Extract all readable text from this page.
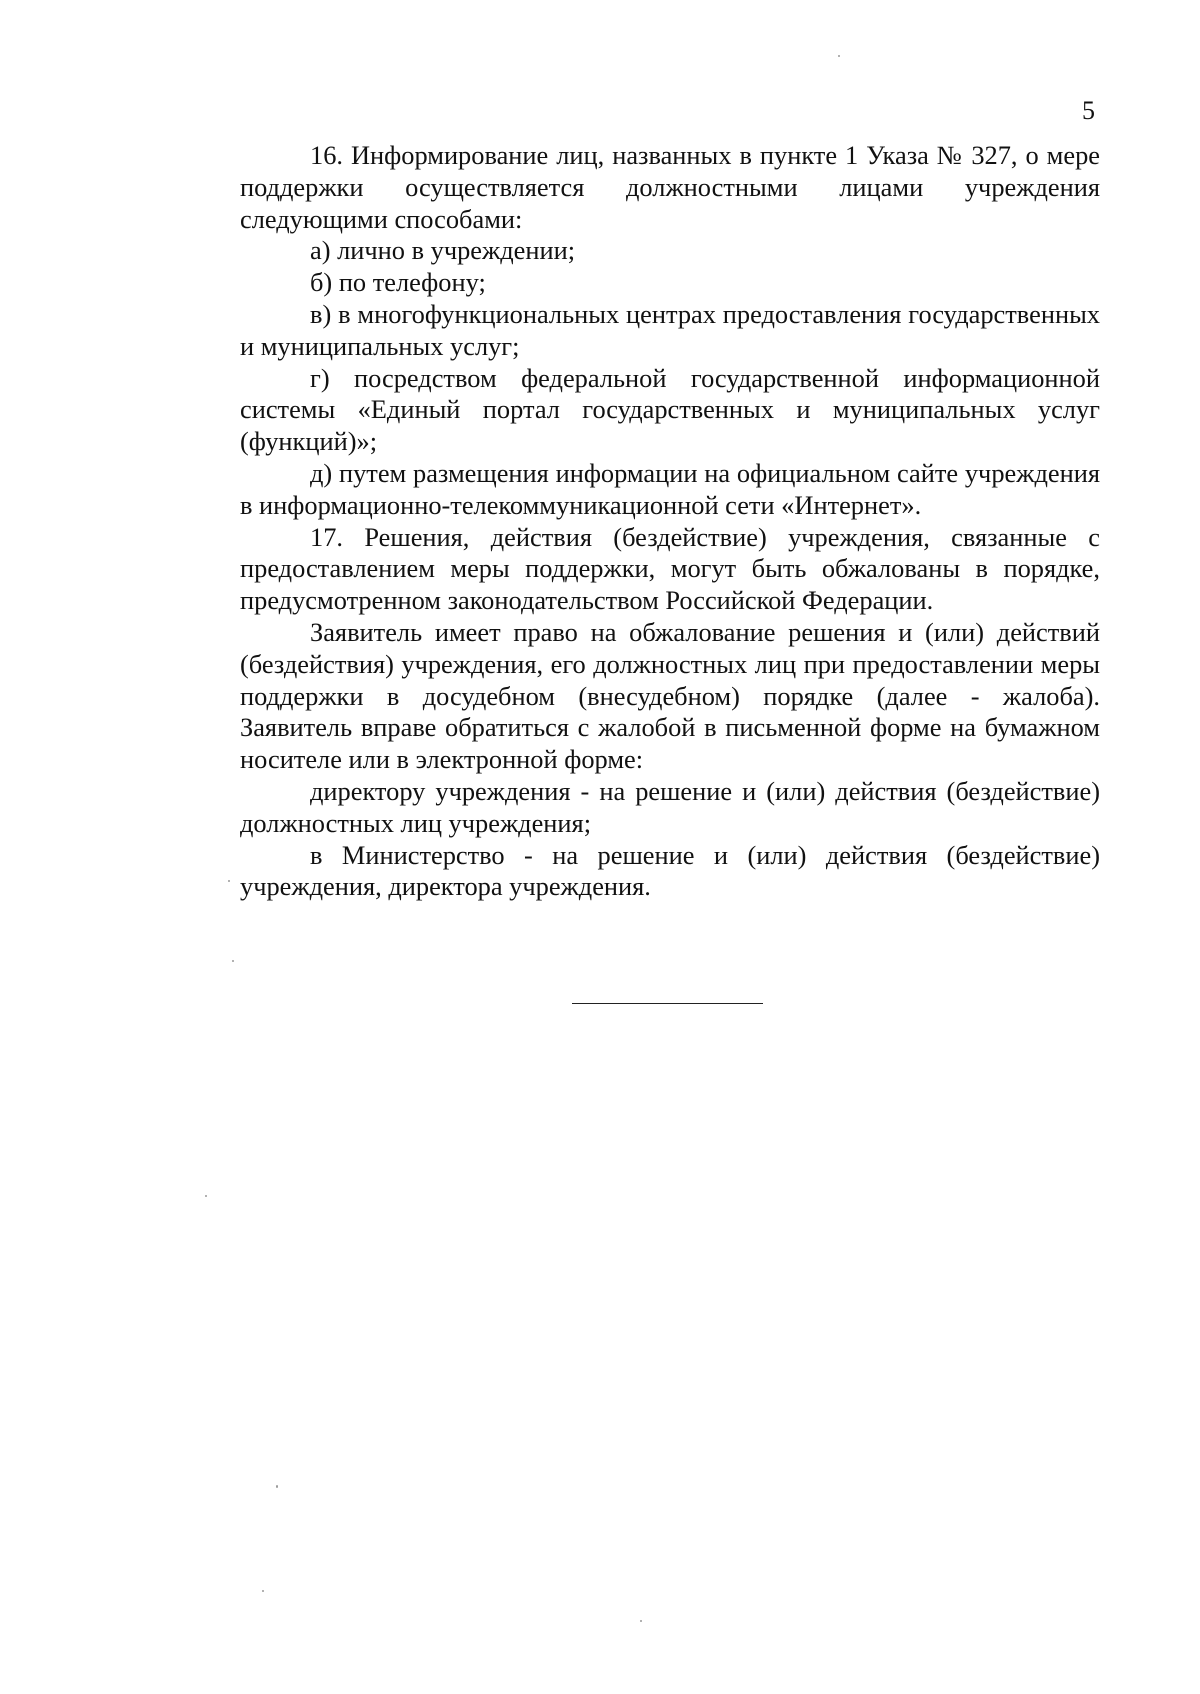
5

16. Информирование лиц, названных в пункте 1 Указа № 327, о мере поддержки осуществляется должностными лицами учреждения следующими способами:

а) лично в учреждении;

б) по телефону;

в) в многофункциональных центрах предоставления государственных и муниципальных услуг;

г) посредством федеральной государственной информационной системы «Единый портал государственных и муниципальных услуг (функций)»;

д) путем размещения информации на официальном сайте учреждения в информационно-телекоммуникационной сети «Интернет».

17. Решения, действия (бездействие) учреждения, связанные с предоставлением меры поддержки, могут быть обжалованы в порядке, предусмотренном законодательством Российской Федерации.

Заявитель имеет право на обжалование решения и (или) действий (бездействия) учреждения, его должностных лиц при предоставлении меры поддержки в досудебном (внесудебном) порядке (далее - жалоба). Заявитель вправе обратиться с жалобой в письменной форме на бумажном носителе или в электронной форме:

директору учреждения - на решение и (или) действия (бездействие) должностных лиц учреждения;

в Министерство - на решение и (или) действия (бездействие) учреждения, директора учреждения.
